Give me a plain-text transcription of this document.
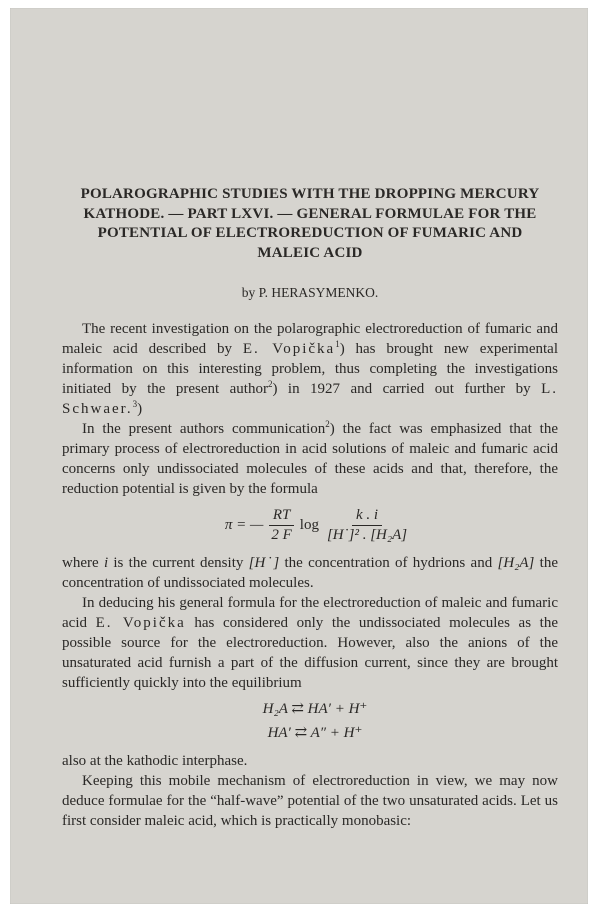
POLAROGRAPHIC STUDIES WITH THE DROPPING MERCURY
KATHODE. — PART LXVI. — GENERAL FORMULAE FOR THE
POTENTIAL OF ELECTROREDUCTION OF FUMARIC AND
MALEIC ACID
by P. HERASYMENKO.

The recent investigation on the polarographic electroreduction of fumaric and maleic acid described by E. Vopička$^1$) has brought new experimental information on this interesting problem, thus completing the investigations initiated by the present author$^2$) in 1927 and carried out further by L. Schwaer.$^3$)

In the present authors communication$^2$) the fact was emphasized that the primary process of electroreduction in acid solutions of maleic and fumaric acid concerns only undissociated molecules of these acids and that, therefore, the reduction potential is given by the formula

π = — $\frac{RT}{2 F}$ $\log \frac{k . i}{\text{[H˙]² . [H₂A]}}$

where i is the current density [H˙] the concentration of hydrions and [H₂A] the concentration of undissociated molecules.

In deducing his general formula for the electroreduction of maleic and fumaric acid E. Vopička has considered only the undissociated molecules as the possible source for the electroreduction. However, also the anions of the unsaturated acid furnish a part of the diffusion current, since they are brought sufficiently quickly into the equilibrium

H₂A ⇄ HA′ + H⁺
HA′ ⇄ A″ + H⁺

also at the kathodic interphase.

Keeping this mobile mechanism of electroreduction in view, we may now deduce formulae for the “half-wave” potential of the two unsaturated acids. Let us first consider maleic acid, which is practically monobasic:
